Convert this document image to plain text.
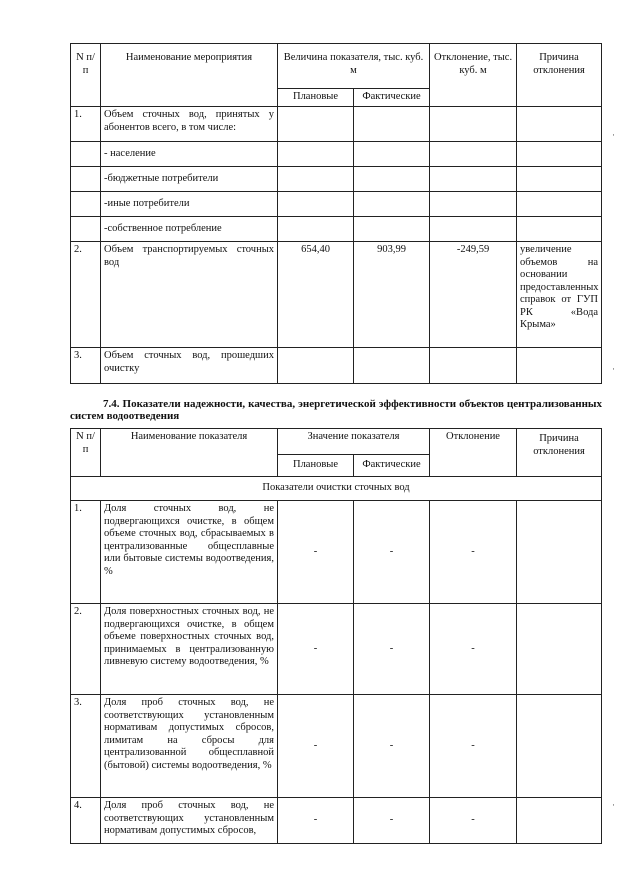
N п/п	Наименование мероприятия	Величина показателя, тыс. куб. м		Отклонение, тыс. куб. м	Причина отклонения
		Плановые	Фактические		
1.	Объем сточных вод, принятых у абонентов всего, в том числе:				
	- население				
	-бюджетные потребители				
	-иные потребители				
	-собственное потребление				
2.	Объем транспортируемых сточных вод	654,40	903,99	-249,59	увеличение объемов на основании предоставленных справок от ГУП РК «Вода Крыма»
3.	Объем сточных вод, прошедших очистку				
7.4. Показатели надежности, качества, энергетической эффективности объектов централизованных систем водоотведения
N п/п	Наименование показателя	Значение показателя		Отклонение	Причина отклонения
		Плановые	Фактические		
Показатели очистки сточных вод					
1.	Доля сточных вод, не подвергающихся очистке, в общем объеме сточных вод, сбрасываемых в централизованные общесплавные или бытовые системы водоотведения, %	-	-	-	
2.	Доля поверхностных сточных вод, не подвергающихся очистке, в общем объеме поверхностных сточных вод, принимаемых в централизованную ливневую систему водоотведения, %	-	-	-	
3.	Доля проб сточных вод, не соответствующих установленным нормативам допустимых сбросов, лимитам на сбросы для централизованной общесплавной (бытовой) системы водоотведения, %	-	-	-	
4.	Доля проб сточных вод, не соответствующих установленным нормативам допустимых сбросов,	-	-	-	
·
·
·
